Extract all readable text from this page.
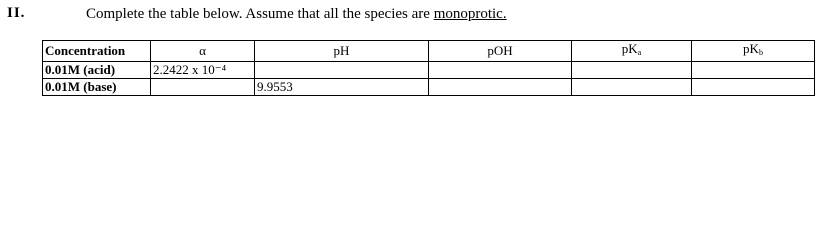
II.	Complete the table below. Assume that all the species are monoprotic.
Concentration	α	pH	pOH	$pK_a$	$pK_b$
0.01M (acid)	2.2422 x 10⁻⁴				
0.01M (base)		9.9553			
